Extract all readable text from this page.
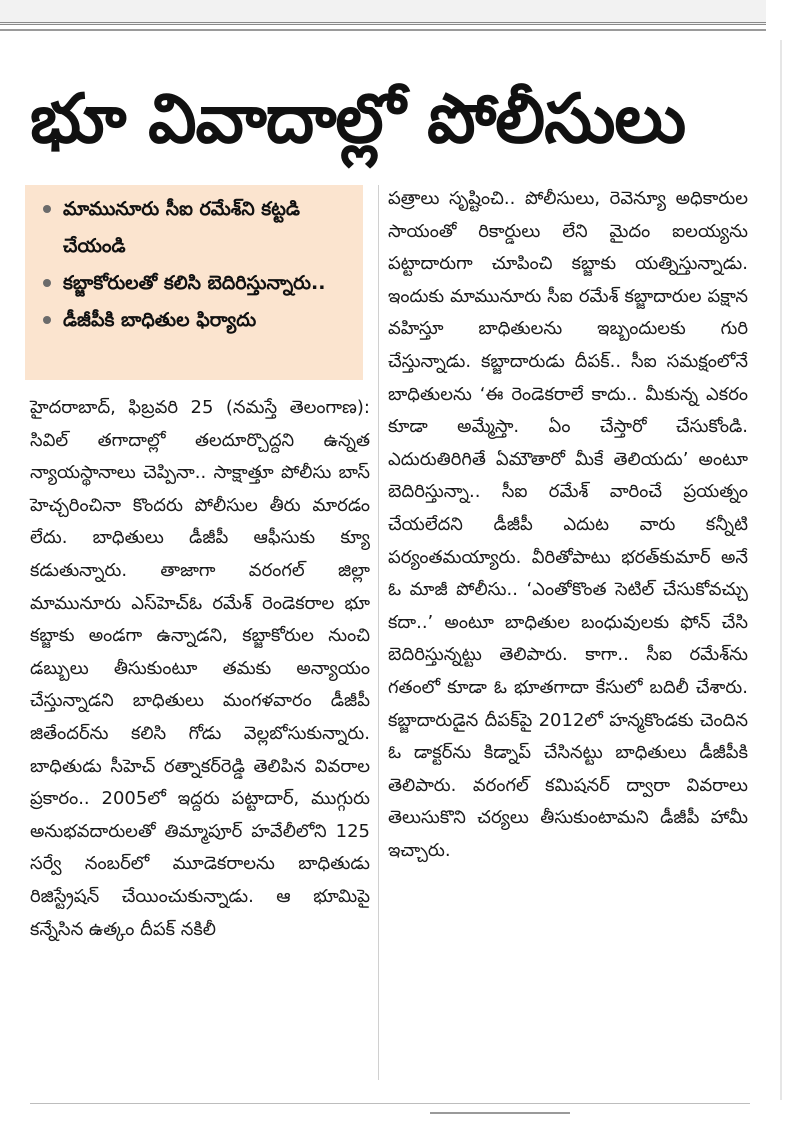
భూ వివాదాల్లో పోలీసులు
మామునూరు సీఐ రమేశ్‌ని కట్టడి చేయండి
కబ్జాకోరులతో కలిసి బెదిరిస్తున్నారు..
డీజీపీకి బాధితుల ఫిర్యాదు
హైదరాబాద్, ఫిబ్రవరి 25 (నమస్తే తెలంగాణ): సివిల్ తగాదాల్లో తలదూర్చొద్దని ఉన్నత న్యాయస్థానాలు చెప్పినా.. సాక్షాత్తూ పోలీసు బాస్ హెచ్చరించినా కొందరు పోలీసుల తీరు మారడం లేదు. బాధితులు డీజీపీ ఆఫీసుకు క్యూ కడుతున్నారు. తాజాగా వరంగల్ జిల్లా మామునూరు ఎస్‌హెచ్‌ఓ రమేశ్ రెండెకరాల భూ కబ్జాకు అండగా ఉన్నాడని, కబ్జాకోరుల నుంచి డబ్బులు తీసుకుంటూ తమకు అన్యాయం చేస్తున్నాడని బాధితులు మంగళవారం డీజీపీ జితేందర్‌ను కలిసి గోడు వెల్లబోసుకున్నారు. బాధితుడు సీహెచ్ రత్నాకర్‌రెడ్డి తెలిపిన వివరాల ప్రకారం.. 2005లో ఇద్దరు పట్టాదార్, ముగ్గురు అనుభవదారులతో తిమ్మాపూర్ హవేలీలోని 125 సర్వే నంబర్‌లో మూడెకరాలను బాధితుడు రిజిస్ట్రేషన్ చేయించుకున్నాడు. ఆ భూమిపై కన్నేసిన ఉత్కం దీపక్ నకిలీ
పత్రాలు సృష్టించి.. పోలీసులు, రెవెన్యూ అధికారుల సాయంతో రికార్డులు లేని మైదం ఐలయ్యను పట్టాదారుగా చూపించి కబ్జాకు యత్నిస్తున్నాడు. ఇందుకు మామునూరు సీఐ రమేశ్ కబ్జాదారుల పక్షాన వహిస్తూ బాధితులను ఇబ్బందులకు గురి చేస్తున్నాడు. కబ్జాదారుడు దీపక్.. సీఐ సమక్షంలోనే బాధితులను ‘ఈ రెండెకరాలే కాదు.. మీకున్న ఎకరం కూడా అమ్మేస్తా. ఏం చేస్తారో చేసుకోండి. ఎదురుతిరిగితే ఏమౌతారో మీకే తెలియదు’ అంటూ బెదిరిస్తున్నా.. సీఐ రమేశ్ వారించే ప్రయత్నం చేయలేదని డీజీపీ ఎదుట వారు కన్నీటి పర్యంతమయ్యారు. వీరితోపాటు భరత్‌కుమార్ అనే ఓ మాజీ పోలీసు.. ‘ఎంతోకొంత సెటిల్ చేసుకోవచ్చు కదా..’ అంటూ బాధితుల బంధువులకు ఫోన్ చేసి బెదిరిస్తున్నట్టు తెలిపారు. కాగా.. సీఐ రమేశ్‌ను గతంలో కూడా ఓ భూతగాదా కేసులో బదిలీ చేశారు. కబ్జాదారుడైన దీపక్‌పై 2012లో హన్మకొండకు చెందిన ఓ డాక్టర్‌ను కిడ్నాప్ చేసినట్టు బాధితులు డీజీపీకి తెలిపారు. వరంగల్ కమిషనర్ ద్వారా వివరాలు తెలుసుకొని చర్యలు తీసుకుంటామని డీజీపీ హామీ ఇచ్చారు.
